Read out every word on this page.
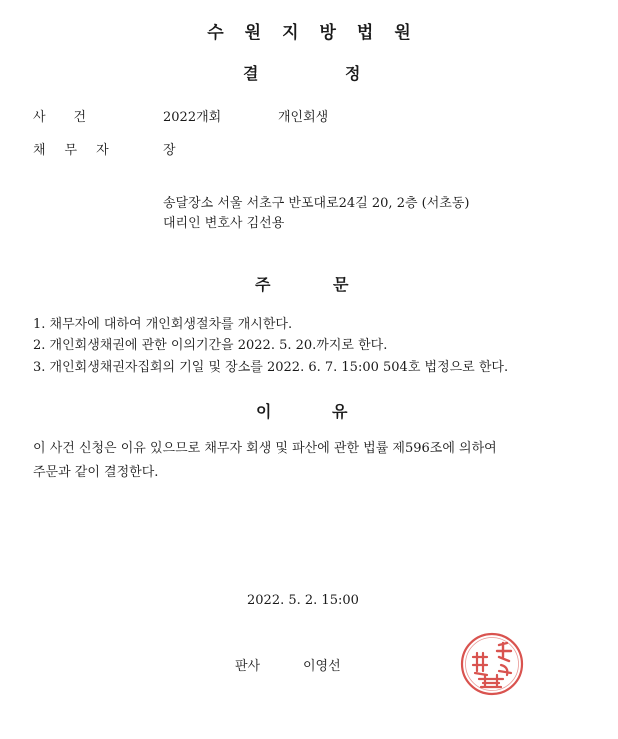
수원지방법원
결	정
사건	2022개회	개인회생
채무자	장
송달장소 서울 서초구 반포대로24길 20, 2층 (서초동)
대리인 변호사 김선용
주	문
1. 채무자에 대하여 개인회생절차를 개시한다.
2. 개인회생채권에 관한 이의기간을 2022. 5. 20.까지로 한다.
3. 개인회생채권자집회의 기일 및 장소를 2022. 6. 7. 15:00 504호 법정으로 한다.
이	유
이 사건 신청은 이유 있으므로 채무자 회생 및 파산에 관한 법률 제596조에 의하여
주문과 같이 결정한다.
2022. 5. 2. 15:00
판사	이영선
